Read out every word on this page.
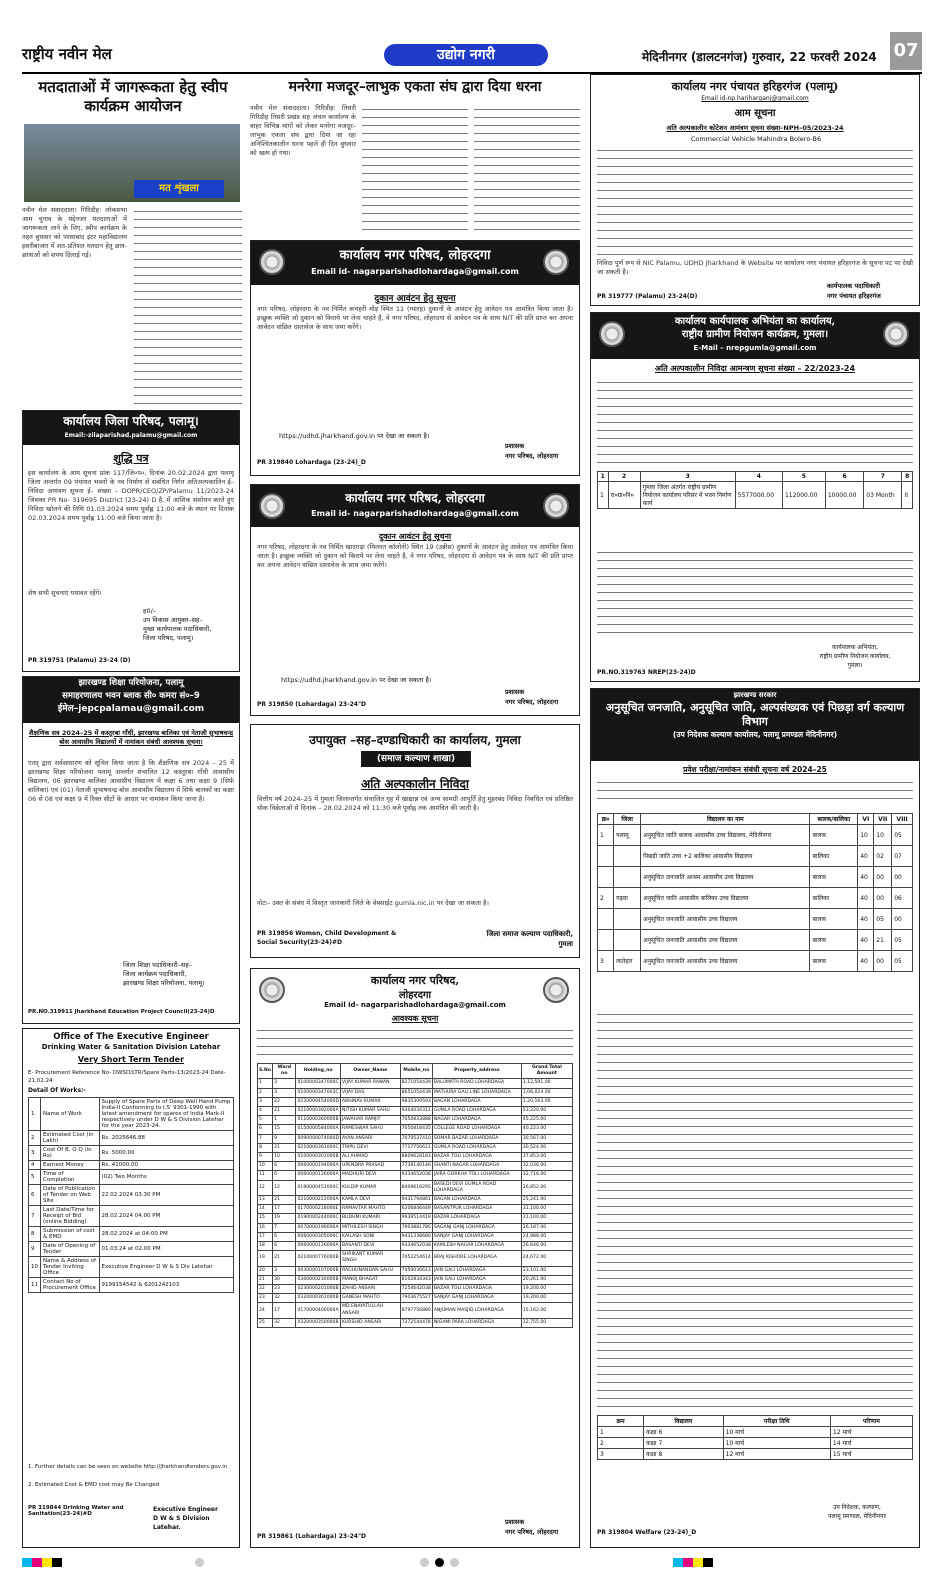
राष्ट्रीय नवीन मेल	उद्योग नगरी	मेदिनीनगर (डालटनगंज) गुरुवार, 22 फरवरी 2024 07
मतदाताओं में जागरूकता हेतु स्वीप कार्यक्रम आयोजन
मत शृंखला
नवीन मेल संवाददाता। गिरिडीह: लोकसभा आम चुनाव के मद्देनजर मतदाताओं में जागरूकता लाने के लिए, स्वीप कार्यक्रम के तहत बुधवार को परसाबाद इंटर महाविद्यालय इसरीबाजार में शत-प्रतिशत मतदान हेतु छात्र-छात्राओं को शपथ दिलाई गई।
मनरेगा मजदूर–लाभुक एकता संघ द्वारा दिया धरना
नवीन मेल संवाददाता। गिरिडीह: तिसरी गिरिडीह तिसरी प्रखंड सह अंचल कार्यालय के बाहर विभिन्न मांगों को लेकर मनरेगा मजदूर–लाभुक एकता संघ द्वारा दिया जा रहा अनिश्चितकालीन धरना पहले ही दिन बुधवार को खत्म हो गया।
कार्यालय नगर पंचायत हरिहरगंज (पलामू)
Email id-np.hariharganj@gmail.com
आम सूचना
अति अल्पकालीन कोटेशन आमंत्रण सूचना संख्या–NPH–05/2023-24
Commercial Vehicle Mahindra Bolero-B6
निविदा पूर्ण रूप से NIC Palamu, UDHD Jharkhand के Website पर कार्यालय नगर पंचायत हरिहरगंज के सूचना पट पर देखी जा सकती है।
PR 319777 (Palamu) 23-24(D)
कार्यपालक पदाधिकारी
नगर पंचायत हरिहरगंज
कार्यालय जिला परिषद, पलामू।
Email:-zilaparishad.palamu@gmail.com
शुद्धि पत्र
इस कार्यालय के आम सूचना प्रांक 117/जि०प०, दिनांक 20.02.2024 द्वारा पलामू जिला अन्तर्गत 09 पंचायत भवनों के नव निर्माण से संबंधित निर्गत अतिअल्पकालिन ई–निविदा आमंत्रण सूचना ई– संख्या – DOPR/CEO/ZP/Palamu 11/2023-24 जिसका PR No- 319695 District (23-24) D है, में आंशिक संशोधन करते हुए निविदा खोलने की तिथि 01.03.2024 समय पूर्वाह्न 11:00 बजे के स्थान पर दिनांक 02.03.2024 समय पूर्वाह्न 11:00 बजे किया जाता है।
शेष सभी सूचनाएं यथावत रहेंगे।
ह0/–
उप विकास आयुक्त–सह–
मुख्य कार्यपालक पदाधिकारी,
जिला परिषद, पलामू।
PR 319751 (Palamu) 23-24 (D)
झारखण्ड शिक्षा परियोजना, पलामू
समाहरणालय भवन ब्लाक सी० कमरा सं०–9
ईमेल–jepcpalamau@gmail.com
शैक्षणिक सत्र 2024–25 में कस्तूरबा गाँधी, झारखण्ड बालिका एवं नेताजी सुभाषचन्द्र बोस आवासीय विद्यालयों में नामांकन संबंधी आवश्यक सूचना।
एतद् द्वारा सर्वसाधारण को सूचित किया जाता है कि शैक्षणिक सत्र 2024 – 25 में झारखण्ड शिक्षा परियोजना पलामू अन्तर्गत संचालित 12 कस्तूरबा गाँधी आवासीय विद्यालय, 06 झारखण्ड बालिका आवासीय विद्यालय में कक्षा 6 तथा कक्षा 9 (सिर्फ बालिका) एवं (01) नेताजी सुभाषचन्द्र बोस आवासीय विद्यालय में सिर्फ बालकों का कक्षा 06 से 08 एवं कक्षा 9 में रिक्त सीटों के आधार पर नामांकन किया जाना है।
जिला शिक्षा पदाधिकारी–सह–
जिला कार्यक्रम पदाधिकारी,
झारखण्ड शिक्षा परियोजना, पलामू।
PR.NO.319911 Jharkhand Education Project Council(23-24)D
Office of The Executive Engineer
Drinking Water & Sanitation Division Latehar
Very Short Term Tender
E- Procurement Reference No- DWSD/LTR/Spare Parts-13/2023-24 Date- 21.02.24
Detail Of Works:-
1	Name of Work	Supply of Spare Parts of Deep Well Hand Pump India-II Conforming to I.S' 9301-1990 with latest amendment for spares of India Mark-II respectively under D W & S Division Latehar for the year 2023-24.
2	Estimated Cost (in Lakh)	Rs. 2025646.88
3	Cost Of B. O Q (in Rs)	Rs. 5000.00
4	Earnest Money	Rs. 41000.00
5	Time of Completion	(02) Two Months
6	Date of Publication of Tender on Web Site	22.02.2024 03.30 PM
7	Last Date/Time for Receipt of Bid (online Bidding)	28.02.2024 04.00 PM
8	Submission of cost & EMD	28.02.2024 at 04:00 PM
9	Date of Opening of Tender	01.03.24 at 02.00 PM
10	Name & Address of Tender Inviting Office	Executive Engineer D W & S Div Latehar
11	Contact No of Procurement Office	9199154542 & 6201242103
1. Further details can be seen on website http://jharkhandtenders.gov.in
2. Estimated Cost & EMD cost may Be Changed
PR 319844 Drinking Water and Sanitation(23-24)#D
Executive Engineer
D W & S Division Latehar.
कार्यालय नगर परिषद, लोहरदगा
Email id- nagarparishadlohardaga@gmail.com
दुकान आवंटन हेतु सूचना
नगर परिषद, लोहरदगा के नव निर्मित कचहरी मोड़ स्थित 11 (ग्यारह) दुकानों के आवंटन हेतु आवेदन पत्र आमंत्रित किया जाता है। इच्छुक व्यक्ति जो दुकान को किराये पर लेना चाहते है, वे नगर परिषद, लोहरदगा से आवेदन पत्र के साथ NIT की प्रति प्राप्त कर अपना आवेदन वांछित दस्तावेज के साथ जमा करेंगे।
https://udhd.jharkhand.gov.in पर देखा जा सकता है।
प्रशासक
नगर परिषद, लोहरदगा
PR 319840 Lohardaga (23-24)_D
कार्यालय नगर परिषद, लोहरदगा
Email id- nagarparishadlohardaga@gmail.com
दुकान आवंटन हेतु सूचना
नगर परिषद, लोहरदगा के नव निर्मित खादगढ़ा (मिल्लत कॉलोनी) स्थित 19 (उन्नीस) दुकानों के आवंटन हेतु आवेदन पत्र आमंत्रित किया जाता है। इच्छुक व्यक्ति जो दुकान को किराये पर लेना चाहते है, वे नगर परिषद, लोहरदगा से आवेदन पत्र के साथ NIT की प्रति प्राप्त कर अपना आवेदन वांछित दस्तावेज के साथ जमा करेंगे।
https://udhd.jharkhand.gov.in पर देखा जा सकता है।
प्रशासक
नगर परिषद, लोहरदगा
PR 319850 (Lohardaga) 23-24"D
उपायुक्त –सह–दण्डाधिकारी का कार्यालय, गुमला
(समाज कल्याण शाखा)
अति अल्पकालीन निविदा
वित्तीय वर्ष 2024–25 में गुमला जिलान्तर्गत संचालित गृह में खाद्यान्न एवं अन्य सामग्री आपूर्ति हेतु मुहरबंद निविदा निबंधित एवं प्रतिष्ठित थोक विक्रेताओं से दिनांक – 28.02.2024 को 11:30 बजे पूर्वाह्न तक आमंत्रित की जाती है।
नोटः– उक्त के संबंध में विस्तृत जानकारी जिले के वेबसाईट gumla.nic.in पर देखा जा सकता है।
PR 319856 Women, Child Development & Social Security(23-24)#D
जिला समाज कल्याण पदाधिकारी,
गुमला
कार्यालय नगर परिषद,
लोहरदगा
Email id- nagarparishadlohardaga@gmail.com
आवश्यक सूचना
S.No	Ward no	Holding_no	Owner_Name	Mobile_no	Property_address	Grand Total Amount
1	3	0100000347000C	VIJAY KUMAR RAWAN	8271054439	BALUMATH ROAD LOHARDAGA	1,12,591.00
2	3	0100000347003C	VIJAY DAS	8651054439	MATHURA GALI LINE LOHARDAGA	1,06,024.00
3	22	0220000454000D	ABHINAV KUMAR	9835309593	BAGAN LOHARDAGA	1,20,163.00
4	21	0210000392000A	NITISH KUMAR SAHU	9304034312	GUMLA ROAD LOHARDAGA	53,220.00
5	1	0110000360000B	JAWAHAR RAMJIT	7050833888	NAGAR LOHARDAGA	45,225.00
6	15	0150000584000A	RAMESWAR SAHU	7050818435	COLLEGE ROAD LOHARDAGA	40,223.00
7	9	0090000074000D	AYAN ANSARI	7070537410	SOMAR BAZAR LOHARDAGA	30,567.00
8	21	0210000361000C	TRIPU DEVI	7717756611	GUMLA ROAD LOHARDAGA	30,524.00
9	10	0100000301000B	ALI AHMAD	8809628183	BAZAR TOLI LOHARDAGA	37,853.00
10	6	0060000194000A	UPENDRA PRASAD	7739140146	SHANTI NAGAR LOHARDAGA	32,036.00
11	6	0060000126000A	MADHURI DEVI	9334652038	JAIRA GORKHA TOLI LOHARDAGA	32,716.00
12	12	0190000451000C	KULDIP KUMAR	8409619295	BASEDI DEVI GUMLA ROAD LOHARDAGA	26,852.00
13	21	0210000222000A	KAMLA DEVI	9431794861	BAGAN LOHARDAGA	25,241.00
14	17	0170000218000E	RAMAVTAR MAHTO	6206846449	BASANTPUR LOHARDAGA	31,100.00
15	19	0190000244000C	BUDHMI KUMARI	9939514419	BAZAR LOHARDAGA	31,100.00
16	7	0070000190000A	MITHILESH SINGH	7903881786	SAGANJ GANJ LOHARDAGA	26,187.00
17	6	0060000305000C	KAILASH SONI	9431338680	SANJAY GANJ LOHARDAGA	24,988.00
18	6	0060000126000A	BASANTI DEVI	9334652038	KAMLESH NAGAR LOHARDAGA	26,646.00
19	21	0210000776000B	SHRIKANT KUMAR SINGH	7052254614	BRAJ KISHORE LOHARDAGA	24,672.00
20	3	0030000107000B	RAGHUNANDAN SAHU	7050036613	JAIN GALI LOHARDAGA	23,101.00
21	30	0300000230000B	MANOJ BHAGAT	8102834343	JAIN GALI LOHARDAGA	20,261.00
22	23	0230000201000B	ZAHID ANSARI	7254642038	BAZAR TOLI LOHARDAGA	19,200.00
23	32	0320000361000B	GANESH MAHTO	7903675527	SANJAY GANJ LOHARDAGA	19,200.00
24	17	0170000400000A	MD ENAYATULLAH ANSARI	8797756880	ANJUMAN MASJID LOHARDAGA	15,162.00
25	32	0320000350000B	KURSHID ANSARI	7372544478	NIGAMI PARA LOHARDAGA	12,755.00
PR 319861 (Lohardaga) 23-24"D
प्रशासक
नगर परिषद, लोहरदगा
कार्यालय कार्यपालक अभियंता का कार्यालय,
राष्ट्रीय ग्रामीण नियोजन कार्यक्रम, गुमला।
E-Mail – nrepgumla@gmail.com
अति अल्पकालीन निविदा आमन्त्रण सूचना संख्या – 22/2023-24
1	2	3	4	5	6	7	8
1	रा०ग्रा०नि०	गुमला जिला अंतर्गत राष्ट्रीय ग्रामीण नियोजन कार्यालय परिसर में भवन निर्माण कार्य	5577000.00	112000.00	10000.00	03 Month	II
कार्यपालक अभियंता,
राष्ट्रीय ग्रामीण नियोजन कार्यालय,
गुमला।
PR.NO.319763 NREP(23-24)D
झारखण्ड सरकार
अनुसूचित जनजाति, अनुसूचित जाति, अल्पसंख्यक एवं पिछड़ा वर्ग कल्याण विभाग
(उप निदेशक कल्याण कार्यालय, पलामू प्रमण्डल मेदिनीनगर)
प्रवेश परीक्षा/नामांकन संबंधी सूचना वर्ष 2024–25
क्र०	जिला	विद्यालय का नाम	बालक/बालिका	VI	VII	VIII
1	पलामू	अनुसूचित जाति बालक आवासीय उच्च विद्यालय, मेदिनीनगर	बालक	10	10	05
		पिछड़ी जाति उच्च +2 बालिका आवासीय विद्यालय	बालिका	40	02	07
		अनुसूचित जनजाति आश्रम आवासीय उच्च विद्यालय	बालक	40	00	00
2	गढ़वा	अनुसूचित जाति आवासीय बालिका उच्च विद्यालय	बालिका	40	00	06
		अनुसूचित जनजाति आवासीय उच्च विद्यालय	बालक	40	05	00
		अनुसूचित जनजाति आवासीय उच्च विद्यालय	बालक	40	21	05
3	लातेहार	अनुसूचित जनजाति आवासीय उच्च विद्यालय	बालक	40	00	05
क्रम	विद्यालय	परीक्षा तिथि	परिणाम
1	कक्षा 6	10 मार्च	12 मार्च
2	कक्षा 7	10 मार्च	14 मार्च
3	कक्षा 8	12 मार्च	15 मार्च
उप निदेशक, कल्याण,
पलामू प्रमण्डल, मेदिनीनगर
PR 319804 Welfare (23-24)_D
